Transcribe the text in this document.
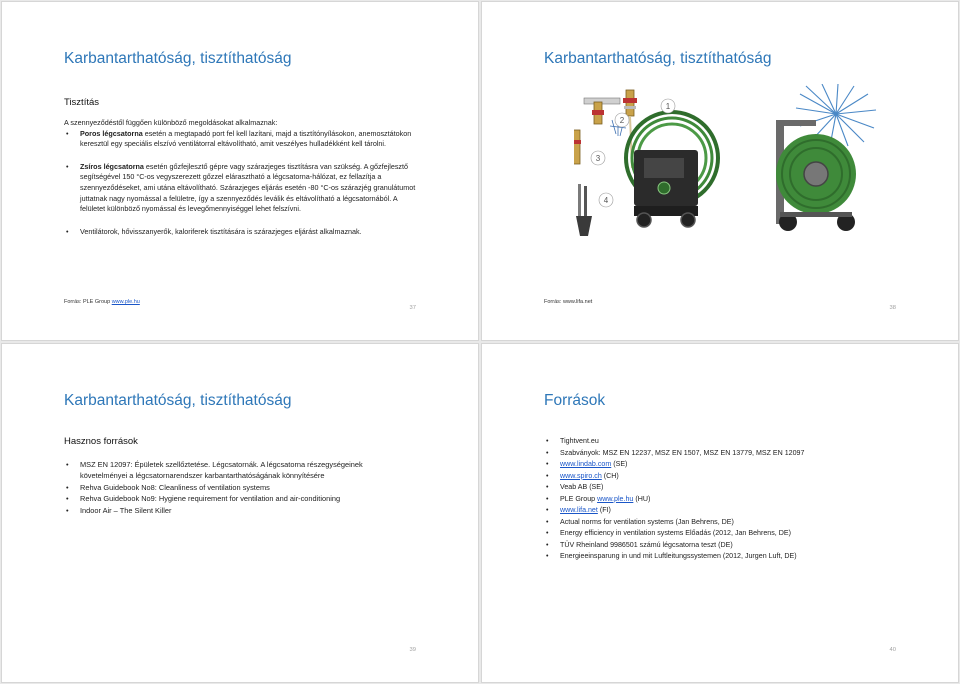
Karbantarthatóság, tisztíthatóság
Tisztítás
A szennyeződéstől függően különböző megoldásokat alkalmaznak:
• Poros légcsatorna esetén a megtapadó port fel kell lazítani, majd a tisztítónyílásokon, anemosztátokon keresztül egy speciális elszívó ventilátorral eltávolítható, amit veszélyes hulladékként kell tárolni.
• Zsíros légcsatorna esetén gőzfejlesztő gépre vagy szárazjeges tisztításra van szükség. A gőzfejlesztő segítségével 150 °C-os vegyszerezett gőzzel elárasztható a légcsatorna-hálózat, ez fellazítja a szennyeződéseket, ami utána eltávolítható. Szárazjeges eljárás esetén -80 °C-os szárazjég granulátumot juttatnak nagy nyomással a felületre, így a szennyeződés leválik és eltávolítható a légcsatornából. A felületet különböző nyomással és levegőmennyiséggel lehet felszívni.
• Ventilátorok, hővisszanyerők, kaloriferek tisztítására is szárazjeges eljárást alkalmaznak.
Forrás: PLE Group www.ple.hu
37
Karbantarthatóság, tisztíthatóság
1
2
3
4
Forrás: www.lifa.net
38
Karbantarthatóság, tisztíthatóság
Hasznos források
• MSZ EN 12097: Épületek szellőztetése. Légcsatornák. A légcsatorna részegységeinek követelményei a légcsatornarendszer karbantarthatóságának könnyítésére
• Rehva Guidebook No8: Cleanliness of ventilation systems
• Rehva Guidebook No9: Hygiene requirement for ventilation and air-conditioning
• Indoor Air – The Silent Killer
39
Források
• Tightvent.eu
• Szabványok: MSZ EN 12237, MSZ EN 1507, MSZ EN 13779, MSZ EN 12097
• www.lindab.com (SE)
• www.spiro.ch (CH)
• Veab AB (SE)
• PLE Group www.ple.hu (HU)
• www.lifa.net (FI)
• Actual norms for ventilation systems (Jan Behrens, DE)
• Energy efficiency in ventilation systems Előadás (2012, Jan Behrens, DE)
• TÜV Rheinland 9986501 számú légcsatorna teszt (DE)
• Energieeinsparung in und mit Luftleitungssystemen (2012, Jurgen Luft, DE)
40
